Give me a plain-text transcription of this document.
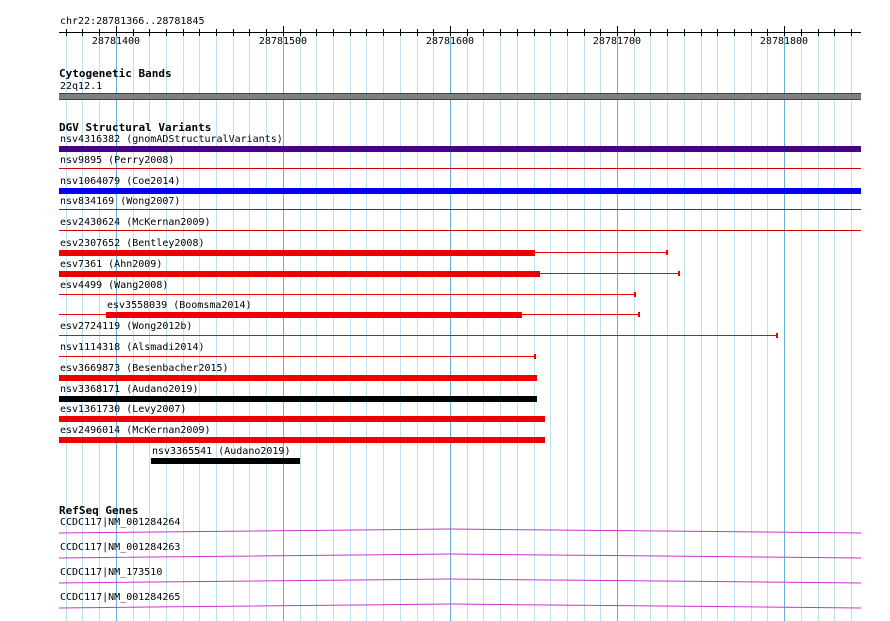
chr22:28781366..28781845
28781400	28781500	28781600	28781700	28781800
Cytogenetic Bands
22q12.1
DGV Structural Variants
nsv4316382 (gnomADStructuralVariants)
nsv9895 (Perry2008)
nsv1064079 (Coe2014)
nsv834169 (Wong2007)
esv2430624 (McKernan2009)
esv2307652 (Bentley2008)
esv7361 (Ahn2009)
esv4499 (Wang2008)
esv3558039 (Boomsma2014)
esv2724119 (Wong2012b)
nsv1114318 (Alsmadi2014)
esv3669873 (Besenbacher2015)
nsv3368171 (Audano2019)
esv1361730 (Levy2007)
esv2496014 (McKernan2009)
nsv3365541 (Audano2019)
RefSeq Genes
CCDC117|NM_001284264
CCDC117|NM_001284263
CCDC117|NM_173510
CCDC117|NM_001284265
